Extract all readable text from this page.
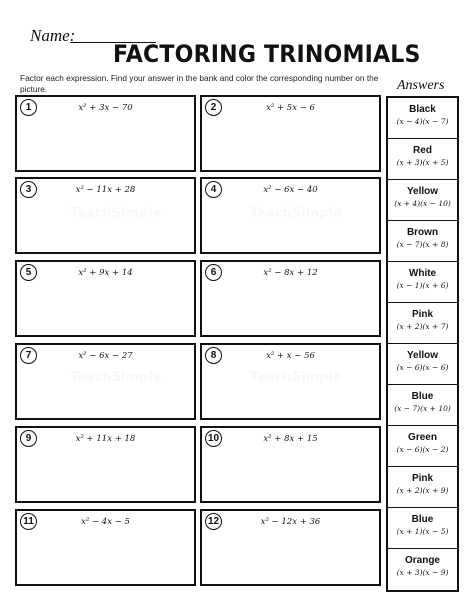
Name:
FACTORING TRINOMIALS
Factor each expression. Find your answer in the bank and color the corresponding number on the picture.	Answers
1	x² + 3x − 70	2	x² + 5x − 6
3	x² − 11x + 28	4	x² − 6x − 40
5	x² + 9x + 14	6	x² − 8x + 12
7	x² − 6x − 27	8	x² + x − 56
9	x² + 11x + 18	10	x² + 8x + 15
11	x² − 4x − 5	12	x² − 12x + 36
Black
(x − 4)(x − 7)
Red
(x + 3)(x + 5)
Yellow
(x + 4)(x − 10)
Brown
(x − 7)(x + 8)
White
(x − 1)(x + 6)
Pink
(x + 2)(x + 7)
Yellow
(x − 6)(x − 6)
Blue
(x − 7)(x + 10)
Green
(x − 6)(x − 2)
Pink
(x + 2)(x + 9)
Blue
(x + 1)(x − 5)
Orange
(x + 3)(x − 9)
